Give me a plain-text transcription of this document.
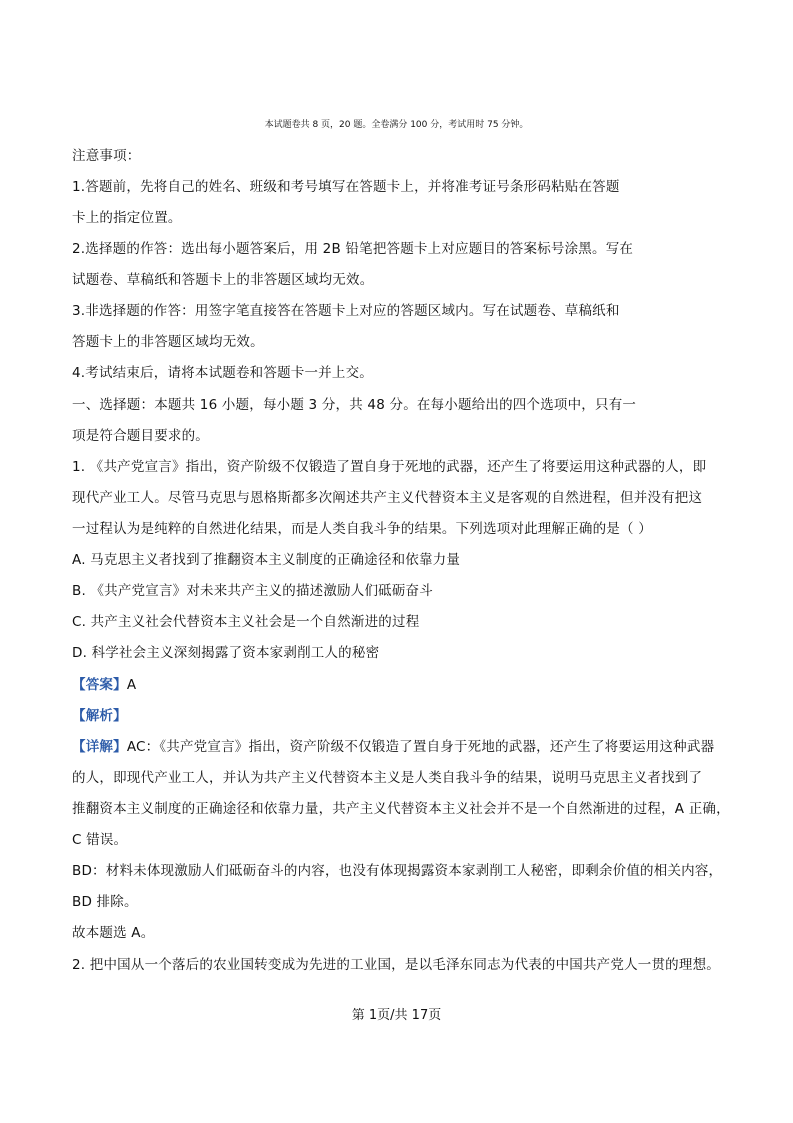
本试题卷共 8 页，20 题。全卷满分 100 分，考试用时 75 分钟。
注意事项：
1.答题前，先将自己的姓名、班级和考号填写在答题卡上，并将准考证号条形码粘贴在答题
卡上的指定位置。
2.选择题的作答：选出每小题答案后，用 2B 铅笔把答题卡上对应题目的答案标号涂黑。写在
试题卷、草稿纸和答题卡上的非答题区域均无效。
3.非选择题的作答：用签字笔直接答在答题卡上对应的答题区域内。写在试题卷、草稿纸和
答题卡上的非答题区域均无效。
4.考试结束后，请将本试题卷和答题卡一并上交。
一、选择题：本题共 16 小题，每小题 3 分，共 48 分。在每小题给出的四个选项中，只有一
项是符合题目要求的。
1. 《共产党宣言》指出，资产阶级不仅锻造了置自身于死地的武器，还产生了将要运用这种武器的人，即
现代产业工人。尽管马克思与恩格斯都多次阐述共产主义代替资本主义是客观的自然进程，但并没有把这
一过程认为是纯粹的自然进化结果，而是人类自我斗争的结果。下列选项对此理解正确的是（ ）
A. 马克思主义者找到了推翻资本主义制度的正确途径和依靠力量
B. 《共产党宣言》对未来共产主义的描述激励人们砥砺奋斗
C. 共产主义社会代替资本主义社会是一个自然渐进的过程
D. 科学社会主义深刻揭露了资本家剥削工人的秘密
【答案】A
【解析】
【详解】AC：《共产党宣言》指出，资产阶级不仅锻造了置自身于死地的武器，还产生了将要运用这种武器
的人，即现代产业工人，并认为共产主义代替资本主义是人类自我斗争的结果，说明马克思主义者找到了
推翻资本主义制度的正确途径和依靠力量，共产主义代替资本主义社会并不是一个自然渐进的过程，A 正确，
C 错误。
BD：材料未体现激励人们砥砺奋斗的内容，也没有体现揭露资本家剥削工人秘密，即剩余价值的相关内容，
BD 排除。
故本题选 A。
2. 把中国从一个落后的农业国转变成为先进的工业国，是以毛泽东同志为代表的中国共产党人一贯的理想。
第 1页/共 17页
